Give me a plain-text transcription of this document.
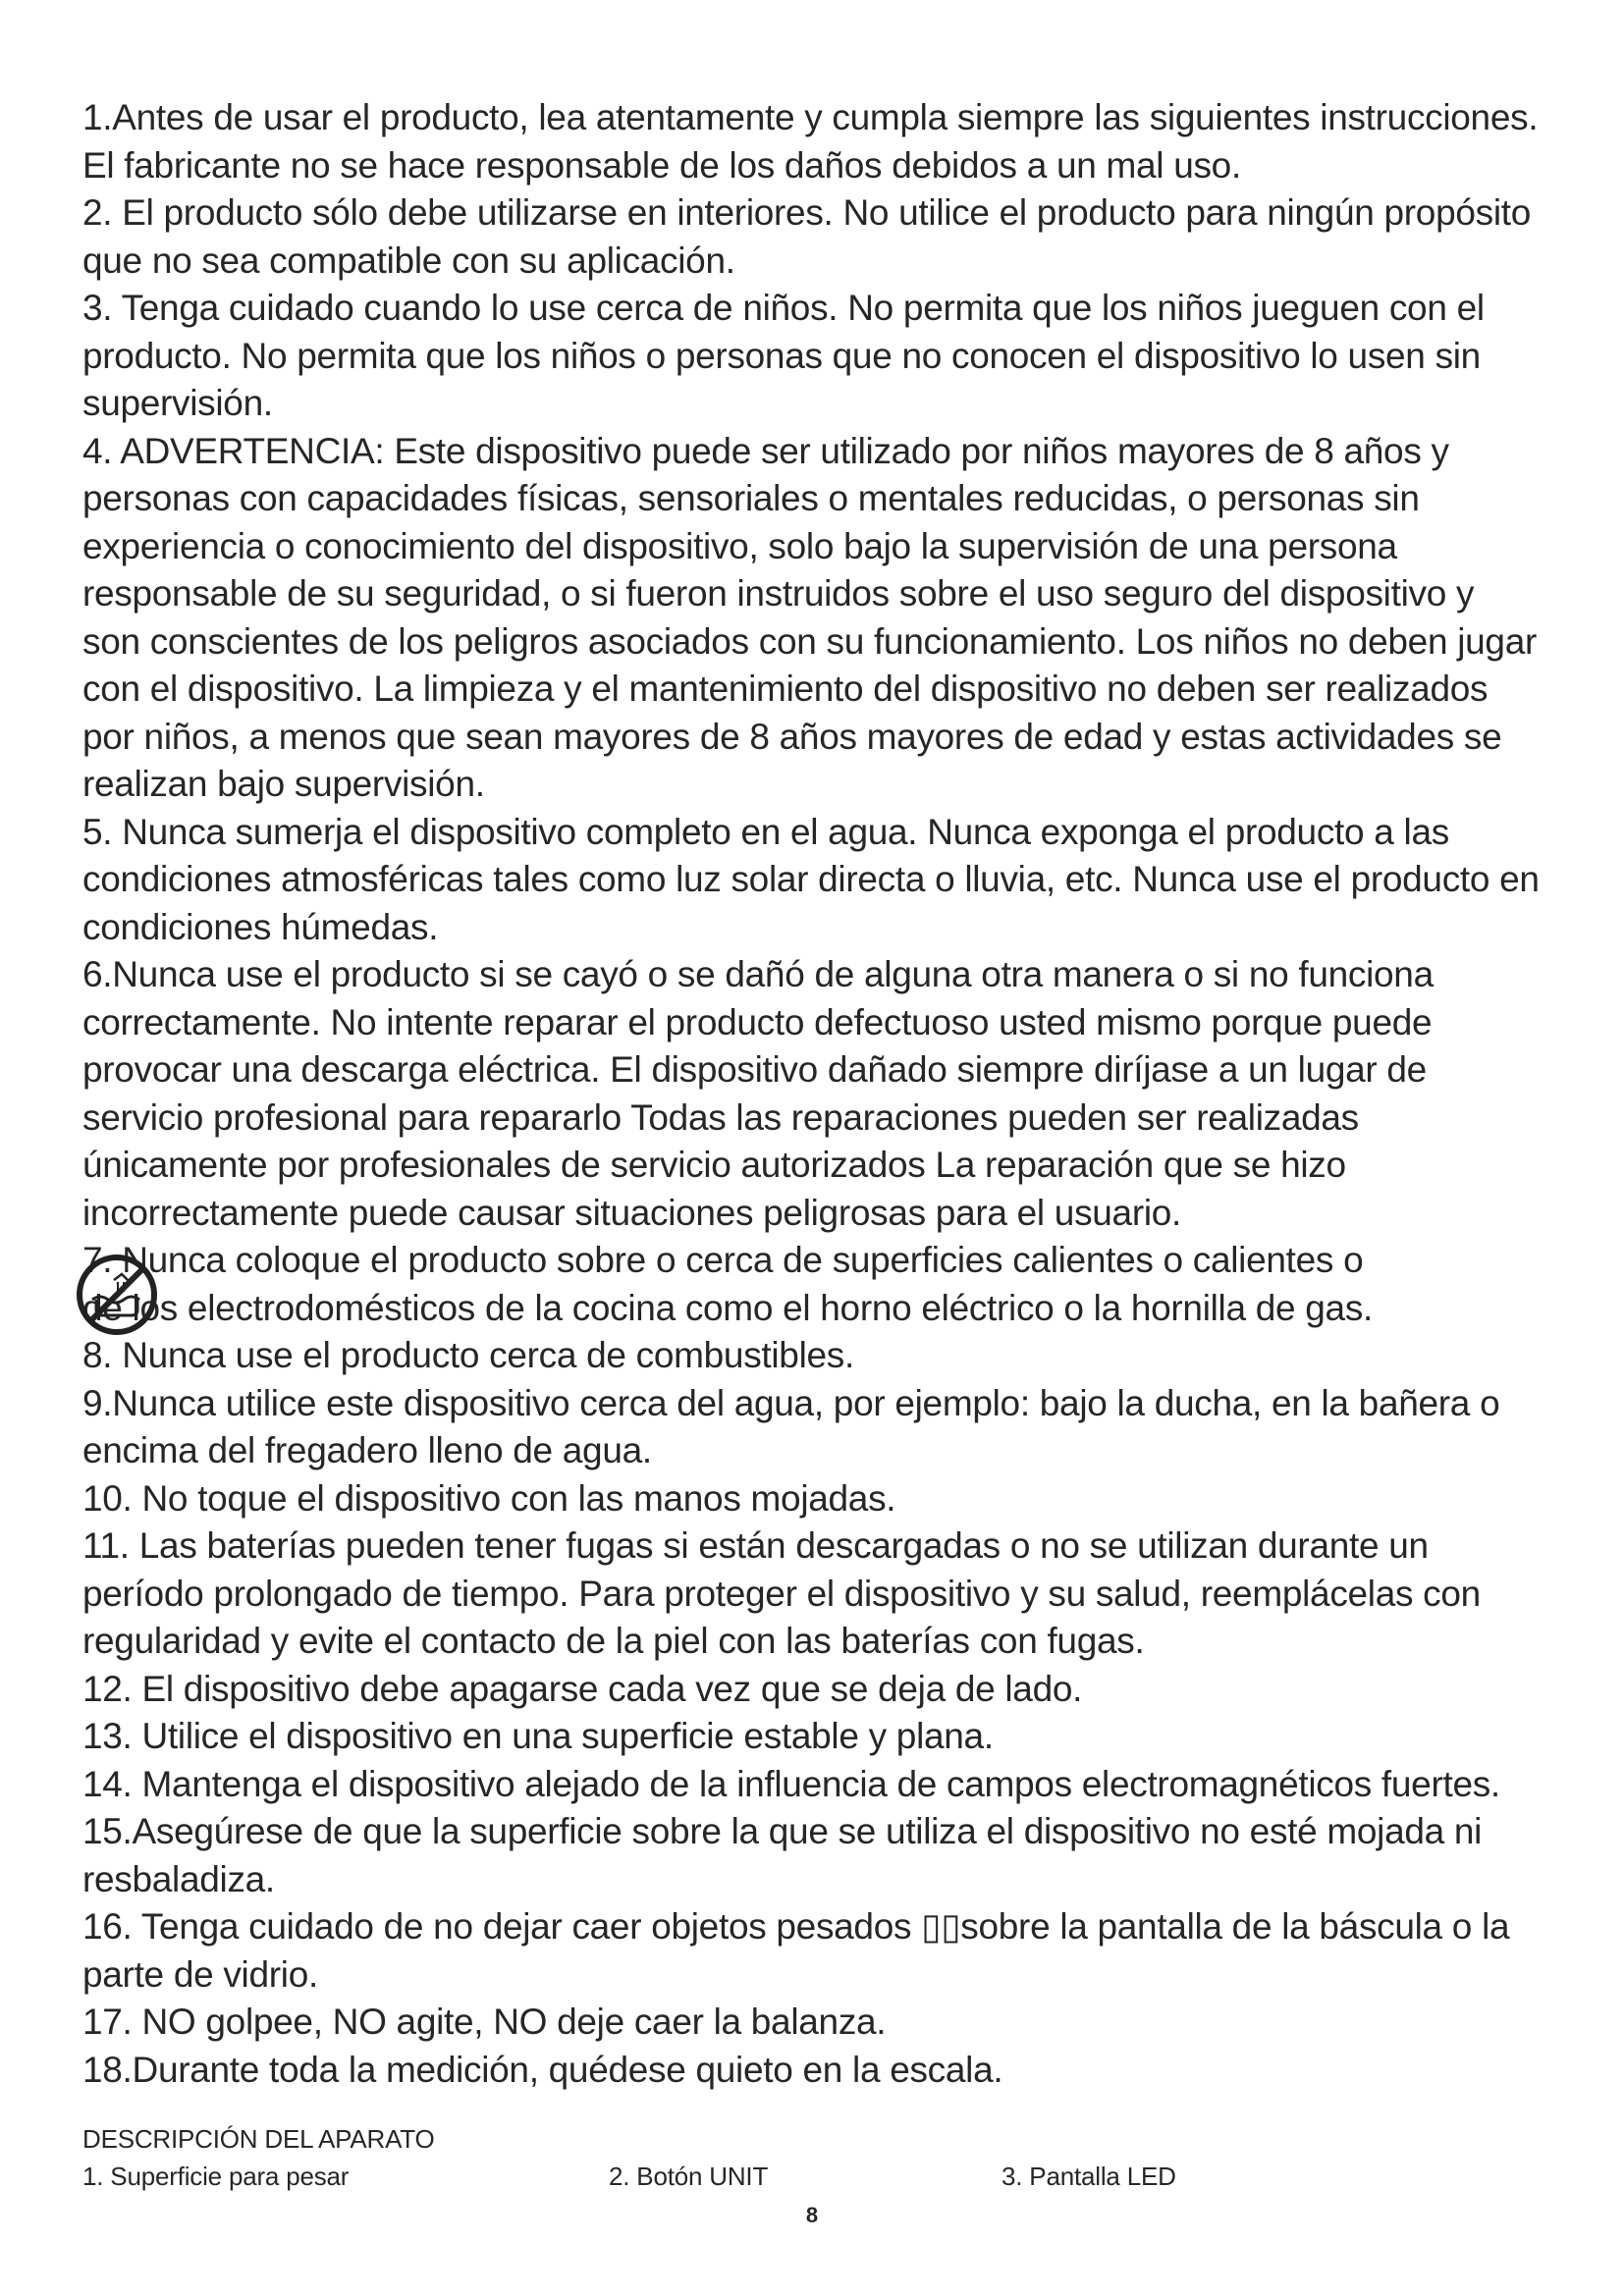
1.Antes de usar el producto, lea atentamente y cumpla siempre las siguientes instrucciones.
El fabricante no se hace responsable de los daños debidos a un mal uso.

2. El producto sólo debe utilizarse en interiores. No utilice el producto para ningún propósito
que no sea compatible con su aplicación.

3. Tenga cuidado cuando lo use cerca de niños. No permita que los niños jueguen con el
producto. No permita que los niños o personas que no conocen el dispositivo lo usen sin
supervisión.

4. ADVERTENCIA: Este dispositivo puede ser utilizado por niños mayores de 8 años y
personas con capacidades físicas, sensoriales o mentales reducidas, o personas sin
experiencia o conocimiento del dispositivo, solo bajo la supervisión de una persona
responsable de su seguridad, o si fueron instruidos sobre el uso seguro del dispositivo y
son conscientes de los peligros asociados con su funcionamiento. Los niños no deben jugar
con el dispositivo. La limpieza y el mantenimiento del dispositivo no deben ser realizados
por niños, a menos que sean mayores de 8 años mayores de edad y estas actividades se
realizan bajo supervisión.

5. Nunca sumerja el dispositivo completo en el agua. Nunca exponga el producto a las
condiciones atmosféricas tales como luz solar directa o lluvia, etc. Nunca use el producto en
condiciones húmedas.

6.Nunca use el producto si se cayó o se dañó de alguna otra manera o si no funciona
correctamente. No intente reparar el producto defectuoso usted mismo porque puede
provocar una descarga eléctrica. El dispositivo dañado siempre diríjase a un lugar de
servicio profesional para repararlo Todas las reparaciones pueden ser realizadas
únicamente por profesionales de servicio autorizados La reparación que se hizo
incorrectamente puede causar situaciones peligrosas para el usuario.

7. Nunca coloque el producto sobre o cerca de superficies calientes o calientes o
los electrodomésticos de la cocina como el horno eléctrico o la hornilla de gas.

8. Nunca use el producto cerca de combustibles.

9.Nunca utilice este dispositivo cerca del agua, por ejemplo: bajo la ducha, en la bañera o
encima del fregadero lleno de agua.

10. No toque el dispositivo con las manos mojadas.

11. Las baterías pueden tener fugas si están descargadas o no se utilizan durante un
período prolongado de tiempo. Para proteger el dispositivo y su salud, reemplácelas con
regularidad y evite el contacto de la piel con las baterías con fugas.

12. El dispositivo debe apagarse cada vez que se deja de lado.

13. Utilice el dispositivo en una superficie estable y plana.

14. Mantenga el dispositivo alejado de la influencia de campos electromagnéticos fuertes.

15.Asegúrese de que la superficie sobre la que se utiliza el dispositivo no esté mojada ni
resbaladiza.

16. Tenga cuidado de no dejar caer objetos pesados ▯▯sobre la pantalla de la báscula o la
parte de vidrio.

17. NO golpee, NO agite, NO deje caer la balanza.

18.Durante toda la medición, quédese quieto en la escala.

DESCRIPCIÓN DEL APARATO

1. Superficie para pesar	2. Botón UNIT	3. Pantalla LED
8
